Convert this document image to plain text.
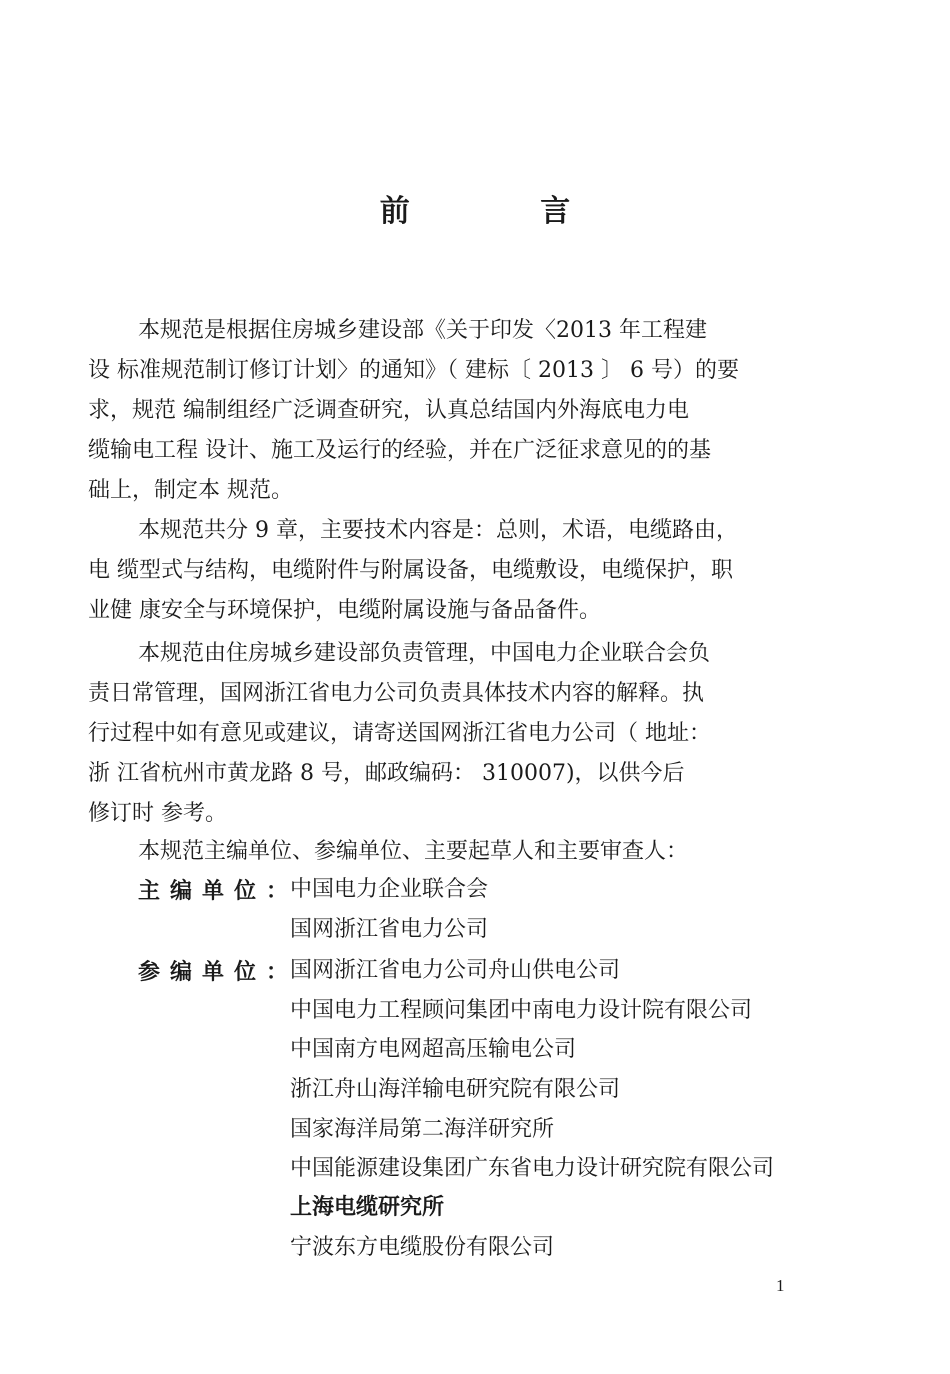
前 言
本规范是根据住房城乡建设部《关于印发〈2013 年工程建
设 标准规范制订修订计划〉的通知》（ 建标〔 2013 〕 6 号）的要
求，规范 编制组经广泛调查研究，认真总结国内外海底电力电
缆输电工程 设计、施工及运行的经验，并在广泛征求意见的的基
础上，制定本 规范。
本规范共分 9 章，主要技术内容是：总则，术语，电缆路由，
电 缆型式与结构，电缆附件与附属设备，电缆敷设，电缆保护，职
业健 康安全与环境保护，电缆附属设施与备品备件。
本规范由住房城乡建设部负责管理，中国电力企业联合会负
责日常管理，国网浙江省电力公司负责具体技术内容的解释。执
行过程中如有意见或建议，请寄送国网浙江省电力公司（ 地址：
浙 江省杭州市黄龙路 8 号，邮政编码： 310007)，以供今后
修订时 参考。
本规范主编单位、参编单位、主要起草人和主要审查人：
主编单位： 中国电力企业联合会
国网浙江省电力公司
参编单位： 国网浙江省电力公司舟山供电公司
中国电力工程顾问集团中南电力设计院有限公司
中国南方电网超高压输电公司
浙江舟山海洋输电研究院有限公司
国家海洋局第二海洋研究所
中国能源建设集团广东省电力设计研究院有限公司
上海电缆研究所
宁波东方电缆股份有限公司
1
